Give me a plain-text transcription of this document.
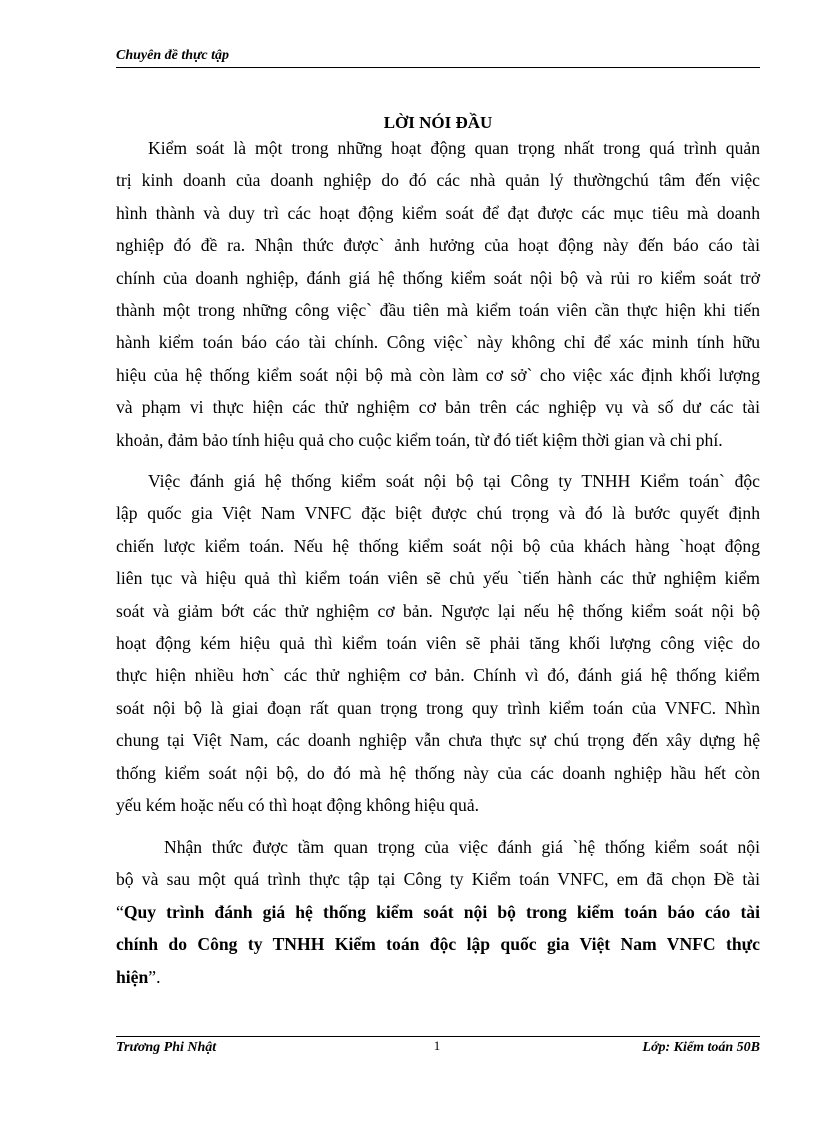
Chuyên đề thực tập
LỜI NÓI ĐẦU
Kiểm soát là một trong những hoạt động quan trọng nhất trong quá trình quản
trị kinh doanh của doanh nghiệp do đó các nhà quản lý thườngchú tâm đến việc
hình thành và duy trì các hoạt động kiểm soát để đạt được các mục tiêu mà doanh
nghiệp đó đề ra. Nhận thức được` ảnh hưởng của hoạt động này đến báo cáo tài
chính của doanh nghiệp, đánh giá hệ thống kiểm soát nội bộ và rủi ro kiểm soát trở
thành một trong những công việc` đầu tiên mà kiểm toán viên cần thực hiện khi tiến
hành kiểm toán báo cáo tài chính. Công việc` này không chỉ để xác minh tính hữu
hiệu của hệ thống kiểm soát nội bộ mà còn làm cơ sở` cho việc xác định khối lượng
và phạm vi thực hiện các thử nghiệm cơ bản trên các nghiệp vụ và số dư các tài
khoản, đảm bảo tính hiệu quả cho cuộc kiểm toán, từ đó tiết kiệm thời gian và chi phí.
Việc đánh giá hệ thống kiểm soát nội bộ tại Công ty TNHH Kiểm toán` độc
lập quốc gia Việt Nam VNFC đặc biệt được chú trọng và đó là bước quyết định
chiến lược kiểm toán. Nếu hệ thống kiểm soát nội bộ của khách hàng `hoạt động
liên tục và hiệu quả thì kiểm toán viên sẽ chủ yếu `tiến hành các thử nghiệm kiểm
soát và giảm bớt các thử nghiệm cơ bản. Ngược lại nếu hệ thống kiểm soát nội bộ
hoạt động kém hiệu quả thì kiểm toán viên sẽ phải tăng khối lượng công việc do
thực hiện nhiều hơn` các thử nghiệm cơ bản. Chính vì đó, đánh giá hệ thống kiểm
soát nội bộ là giai đoạn rất quan trọng trong quy trình kiểm toán của VNFC. Nhìn
chung tại Việt Nam, các doanh nghiệp vẫn chưa thực sự chú trọng đến xây dựng hệ
thống kiểm soát nội bộ, do đó mà hệ thống này của các doanh nghiệp hầu hết còn
yếu kém hoặc nếu có thì hoạt động không hiệu quả.
Nhận thức được tầm quan trọng của việc đánh giá `hệ thống kiểm soát nội
bộ và sau một quá trình thực tập tại Công ty Kiểm toán VNFC, em đã chọn Đề tài
“Quy trình đánh giá hệ thống kiểm soát nội bộ trong kiểm toán báo cáo tài
chính do Công ty TNHH Kiểm toán độc lập quốc gia Việt Nam VNFC thực
hiện”.
Trương Phi Nhật	1	Lớp: Kiểm toán 50B
